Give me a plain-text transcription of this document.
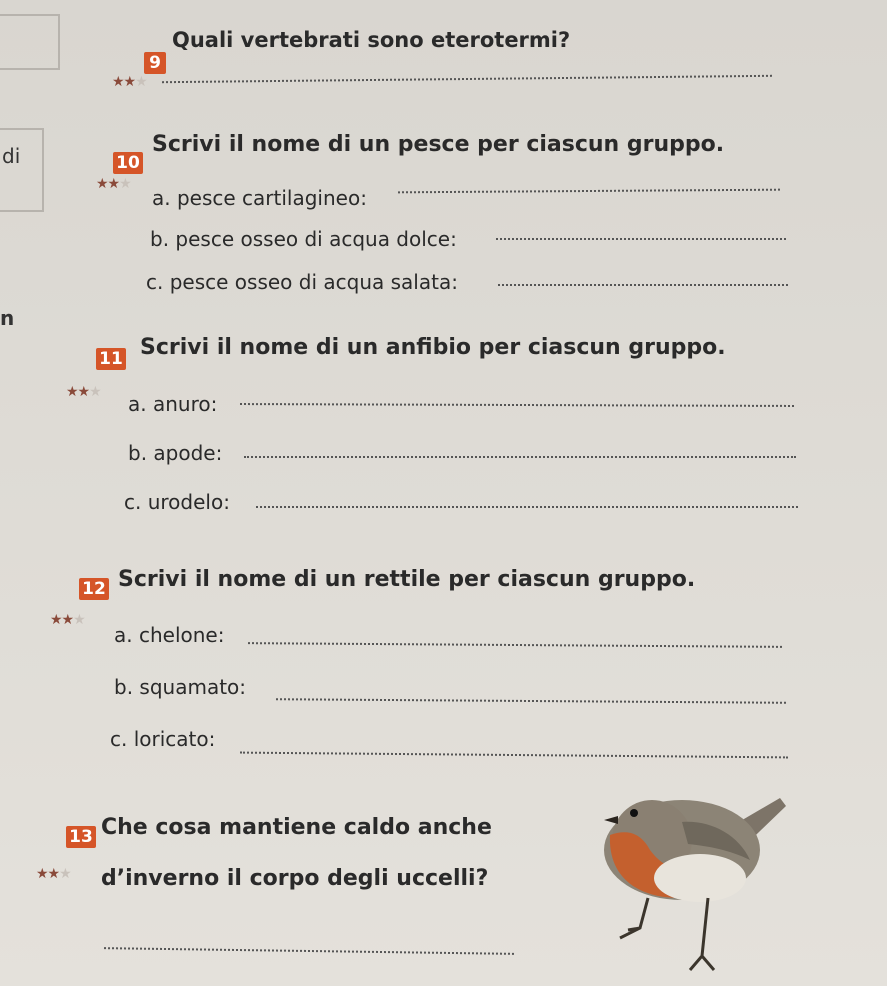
di
n
9
★★★
Quali vertebrati sono eterotermi?
10
★★★
Scrivi il nome di un pesce per ciascun gruppo.
a. pesce cartilagineo:
b. pesce osseo di acqua dolce:
c. pesce osseo di acqua salata:
11
★★★
Scrivi il nome di un anfibio per ciascun gruppo.
a. anuro:
b. apode:
c. urodelo:
12
★★★
Scrivi il nome di un rettile per ciascun gruppo.
a. chelone:
b. squamato:
c. loricato:
13
★★★
Che cosa mantiene caldo anche
d’inverno il corpo degli uccelli?
